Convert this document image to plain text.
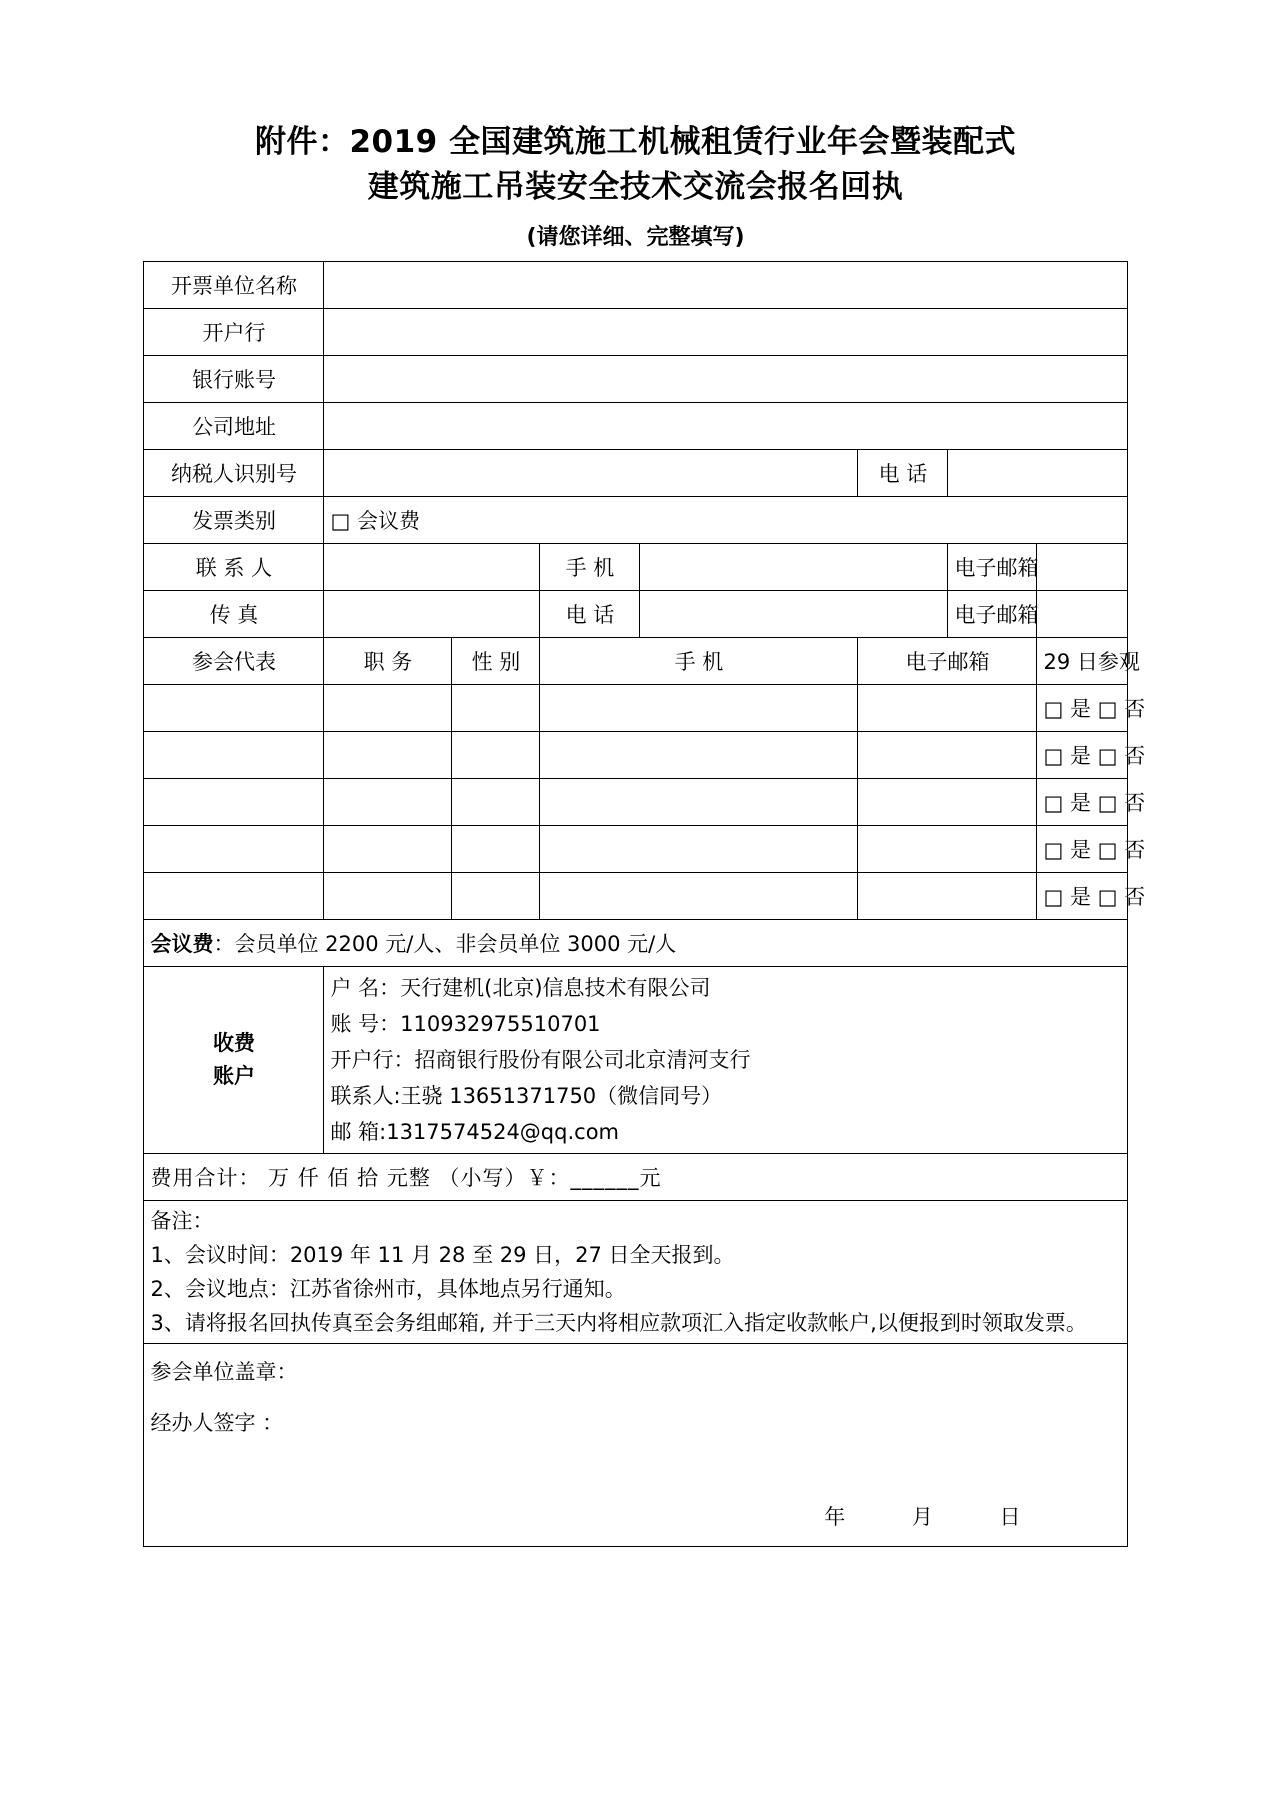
附件：2019 全国建筑施工机械租赁行业年会暨装配式
建筑施工吊装安全技术交流会报名回执
(请您详细、完整填写)
开票单位名称							
开户行							
银行账号							
公司地址							
纳税人识别号					电 话		
发票类别	□ 会议费						
联 系 人			手 机			电子邮箱	
传 真			电 话			电子邮箱	
参会代表	职 务	性 别	手 机		电子邮箱		29 日参观
							□ 是 □ 否
							□ 是 □ 否
							□ 是 □ 否
							□ 是 □ 否
							□ 是 □ 否
会议费：会员单位 2200 元/人、非会员单位 3000 元/人							

收费
账户

户 名：天行建机(北京)信息技术有限公司
账 号：110932975510701
开户行：招商银行股份有限公司北京清河支行
联系人:王骁 13651371750（微信同号）
邮 箱:1317574524@qq.com

费用合计： 万 仟 佰 拾 元整 （小写）￥：______元							

备注：
1、会议时间：2019 年 11 月 28 至 29 日，27 日全天报到。
2、会议地点：江苏省徐州市，具体地点另行通知。
3、请将报名回执传真至会务组邮箱, 并于三天内将相应款项汇入指定收款帐户,以便报到时领取发票。							

参会单位盖章：
经办人签字 ：
年 月 日							
